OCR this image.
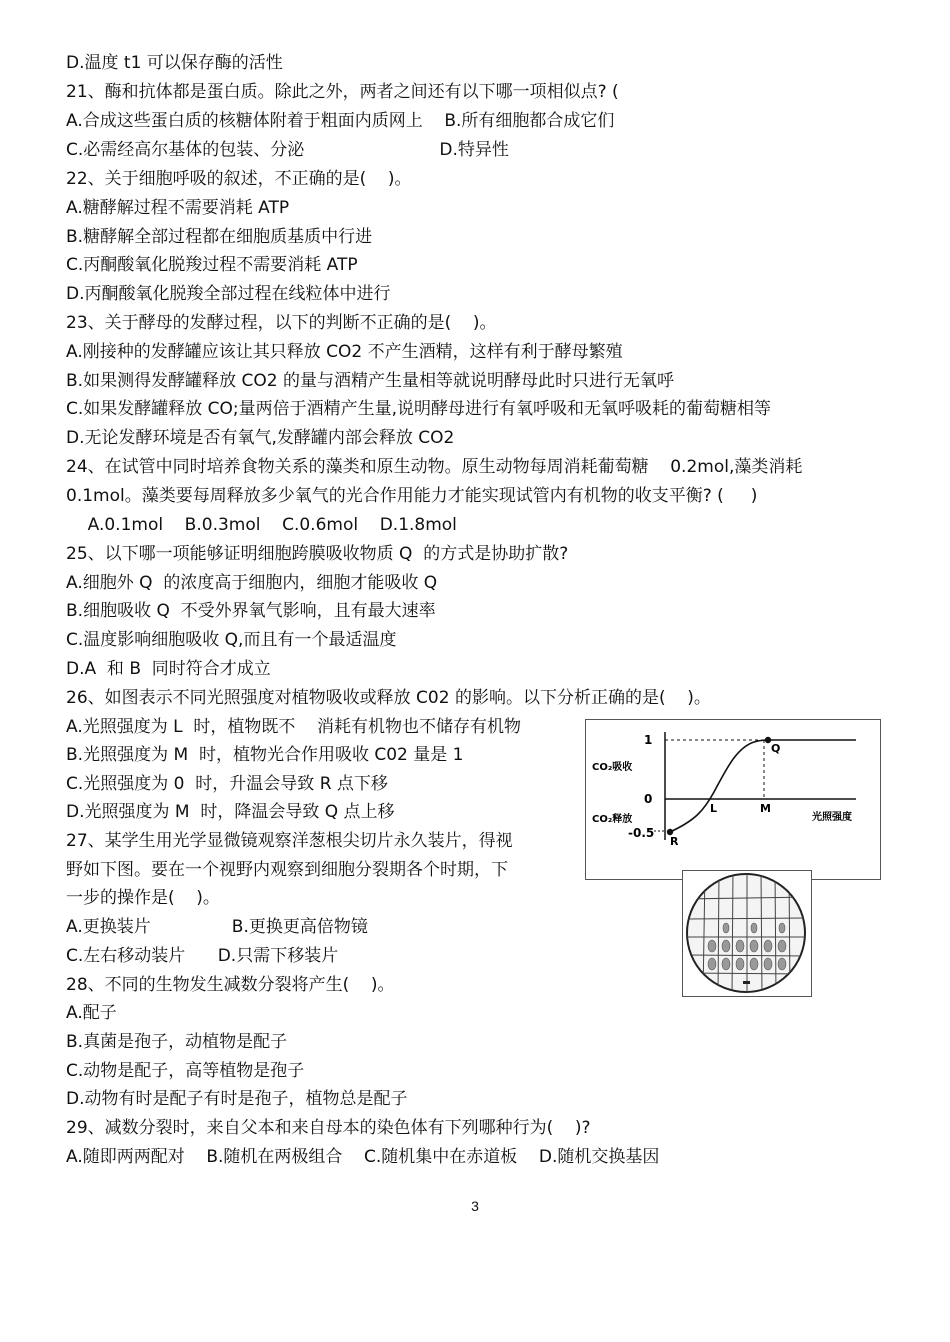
D.温度 t1 可以保存酶的活性
21、酶和抗体都是蛋白质。除此之外，两者之间还有以下哪一项相似点? (
A.合成这些蛋白质的核糖体附着于粗面内质网上    B.所有细胞都合成它们
C.必需经高尔基体的包装、分泌                         D.特异性
22、关于细胞呼吸的叙述，不正确的是(    )。
A.糖酵解过程不需要消耗 ATP
B.糖酵解全部过程都在细胞质基质中行进
C.丙酮酸氧化脱羧过程不需要消耗 ATP
D.丙酮酸氧化脱羧全部过程在线粒体中进行
23、关于酵母的发酵过程，以下的判断不正确的是(    )。
A.刚接种的发酵罐应该让其只释放 CO2 不产生酒精，这样有利于酵母繁殖
B.如果测得发酵罐释放 CO2 的量与酒精产生量相等就说明酵母此时只进行无氧呼
C.如果发酵罐释放 CO;量两倍于酒精产生量,说明酵母进行有氧呼吸和无氧呼吸耗的葡萄糖相等
D.无论发酵环境是否有氧气,发酵罐内部会释放 CO2
24、在试管中同时培养食物关系的藻类和原生动物。原生动物每周消耗葡萄糖    0.2mol,藻类消耗
0.1mol。藻类要每周释放多少氧气的光合作用能力才能实现试管内有机物的收支平衡? (     )
A.0.1mol    B.0.3mol    C.0.6mol    D.1.8mol
25、以下哪一项能够证明细胞跨膜吸收物质 Q  的方式是协助扩散?
A.细胞外 Q  的浓度高于细胞内，细胞才能吸收 Q
B.细胞吸收 Q  不受外界氧气影响，且有最大速率
C.温度影响细胞吸收 Q,而且有一个最适温度
D.A  和 B  同时符合才成立
26、如图表示不同光照强度对植物吸收或释放 C02 的影响。以下分析正确的是(    )。
A.光照强度为 L  时，植物既不    消耗有机物也不储存有机物
B.光照强度为 M  时，植物光合作用吸收 C02 量是 1
C.光照强度为 0  时，升温会导致 R 点下移
D.光照强度为 M  时，降温会导致 Q 点上移
27、某学生用光学显微镜观察洋葱根尖切片永久装片，得视
野如下图。要在一个视野内观察到细胞分裂期各个时期，下
一步的操作是(    )。
A.更换装片               B.更换更高倍物镜
C.左右移动装片      D.只需下移装片
28、不同的生物发生减数分裂将产生(    )。
A.配子
B.真菌是孢子，动植物是配子
C.动物是配子，高等植物是孢子
D.动物有时是配子有时是孢子，植物总是配子
29、减数分裂时，来自父本和来自母本的染色体有下列哪种行为(    )?
A.随即两两配对    B.随机在两极组合    C.随机集中在赤道板    D.随机交换基因
1
0
-0.5
CO₂吸收
CO₂释放	光照强度
R
L	M
Q
3
